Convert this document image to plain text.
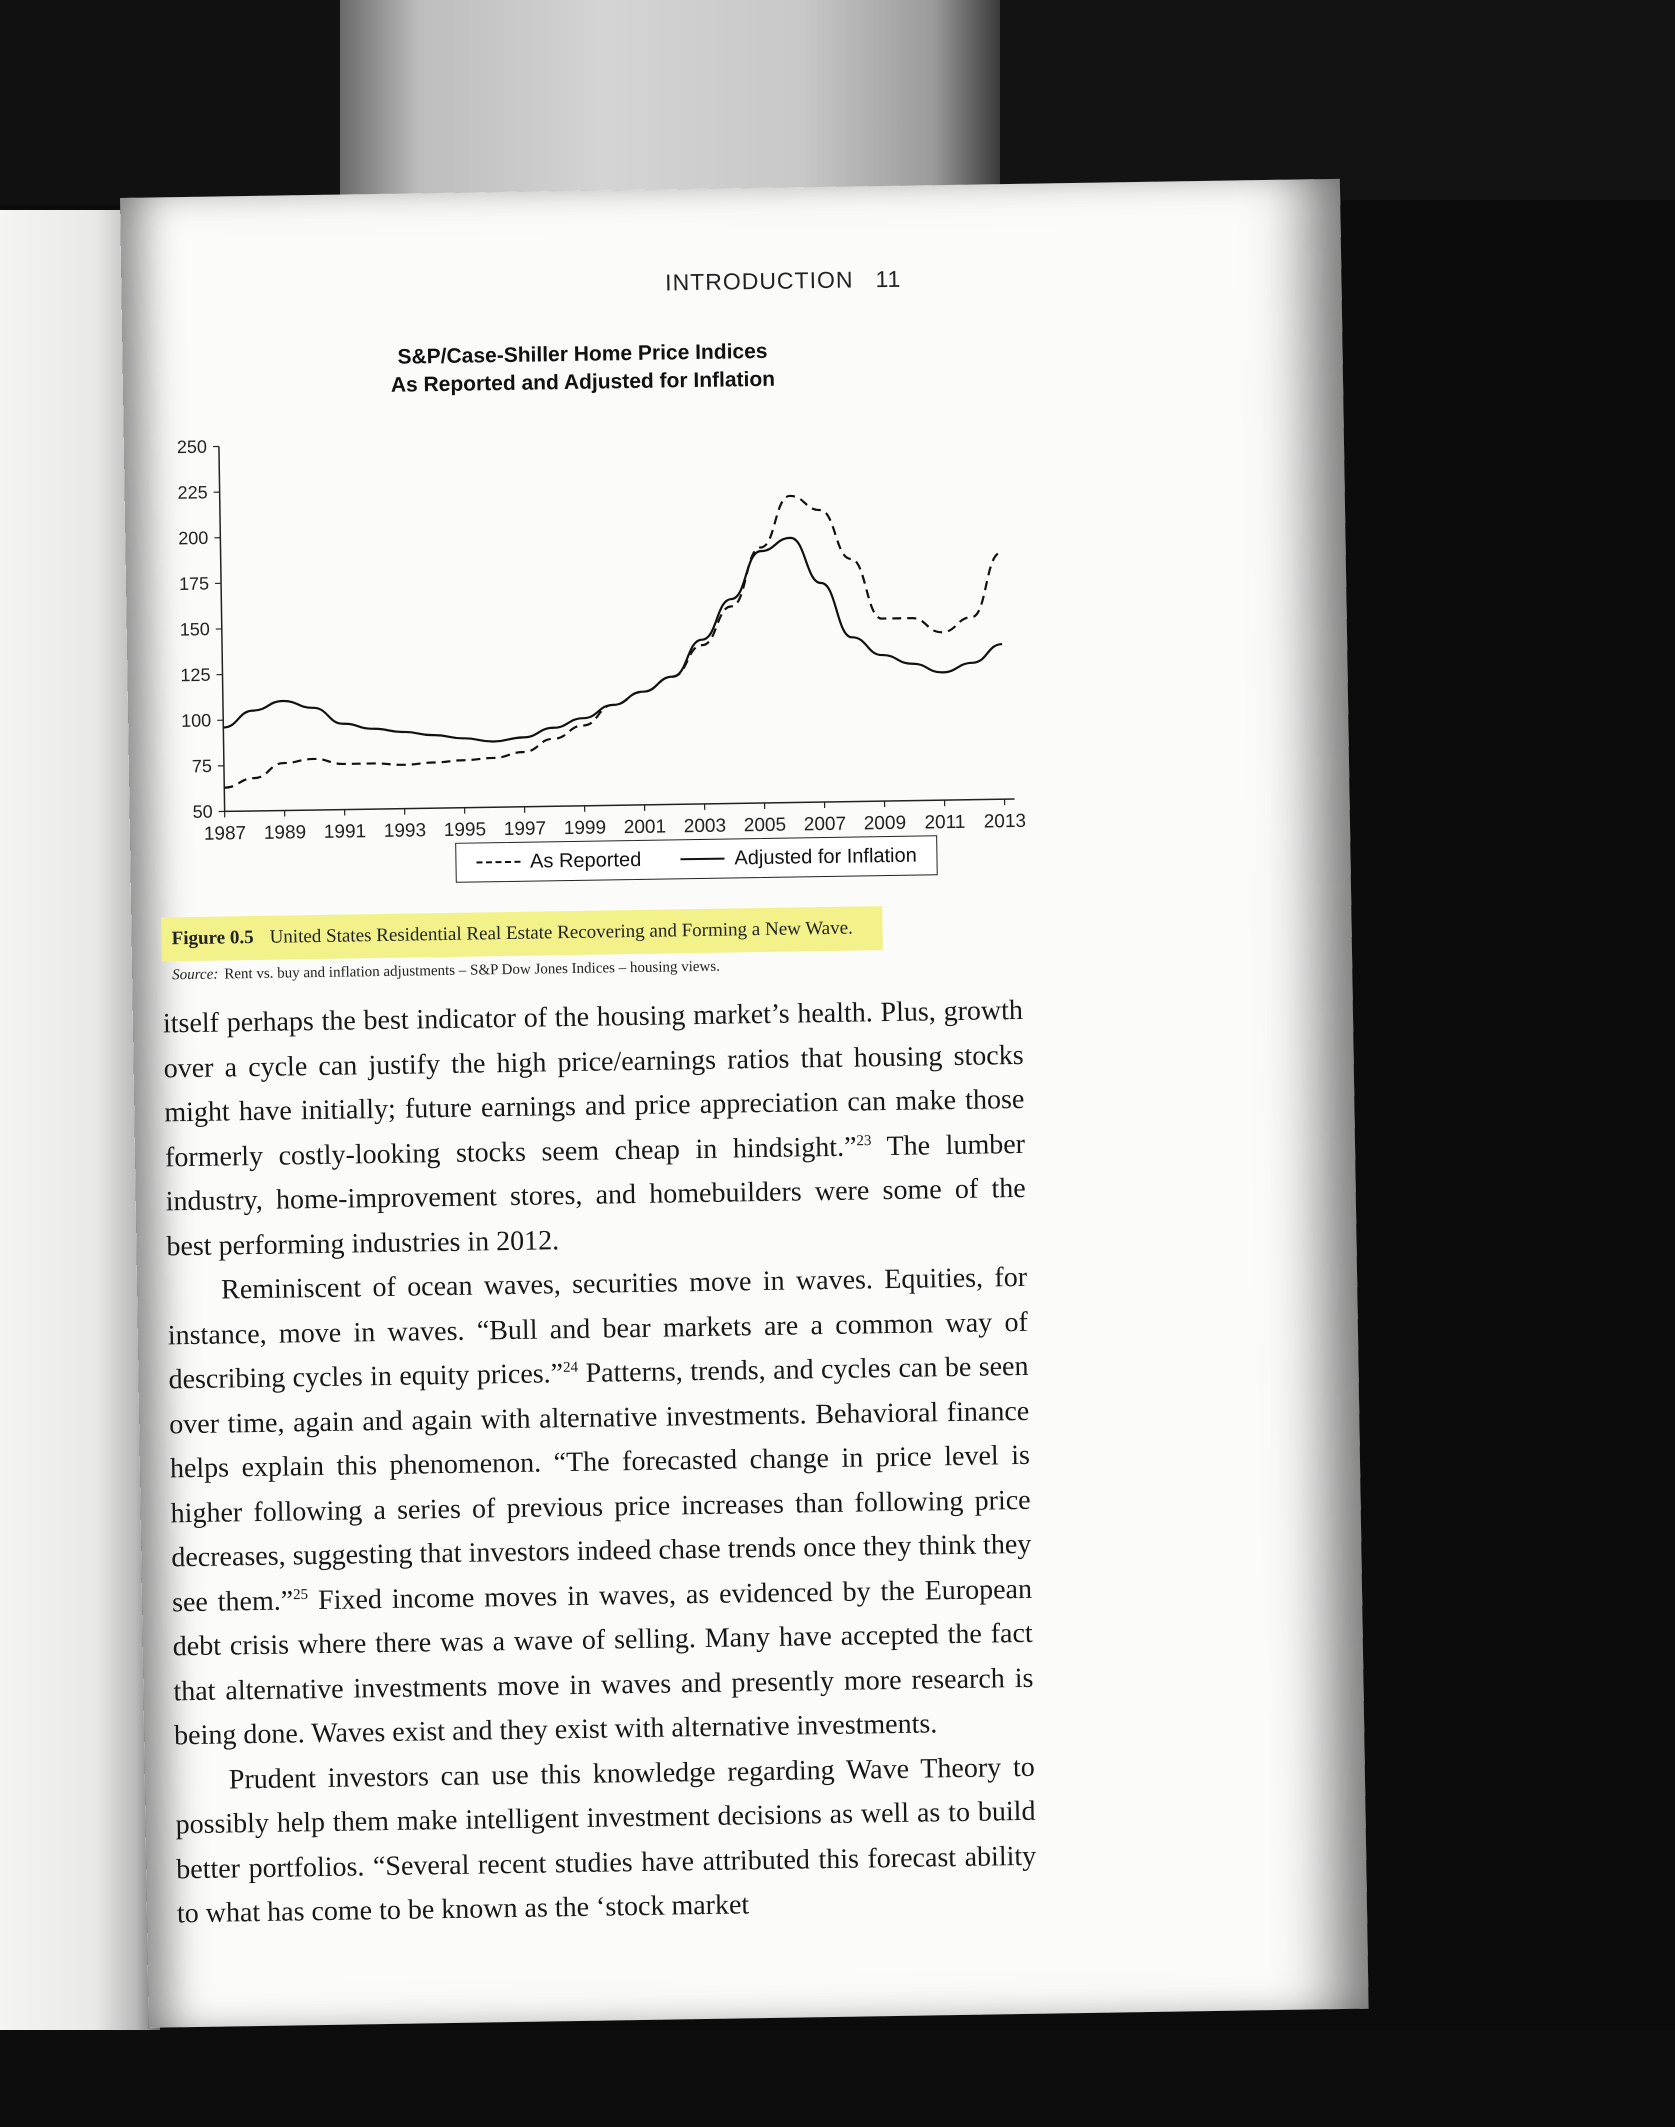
INTRODUCTION 11
250
225
200
175
150
125
100
75
50
1987 1989 1991 1993 1995 1997 1999 2001 2003 2005 2007 2009 2011 2013
S&P/Case-Shiller Home Price Indices
As Reported and Adjusted for Inflation
As Reported	Adjusted for Inflation
Figure 0.5 United States Residential Real Estate Recovering and Forming a New Wave.
Source: Rent vs. buy and inflation adjustments – S&P Dow Jones Indices – housing views.

itself perhaps the best indicator of the housing market’s health. Plus, growth over a cycle can justify the high price/earnings ratios that housing stocks might have initially; future earnings and price appreciation can make those formerly costly-looking stocks seem cheap in hindsight.”$^{23}$ The lumber industry, home-improvement stores, and homebuilders were some of the best performing industries in 2012.

Reminiscent of ocean waves, securities move in waves. Equities, for instance, move in waves. “Bull and bear markets are a common way of describing cycles in equity prices.”$^{24}$ Patterns, trends, and cycles can be seen over time, again and again with alternative investments. Behavioral finance helps explain this phenomenon. “The forecasted change in price level is higher following a series of previous price increases than following price decreases, suggesting that investors indeed chase trends once they think they see them.”$^{25}$ Fixed income moves in waves, as evidenced by the European debt crisis where there was a wave of selling. Many have accepted the fact that alternative investments move in waves and presently more research is being done. Waves exist and they exist with alternative investments.

Prudent investors can use this knowledge regarding Wave Theory to possibly help them make intelligent investment decisions as well as to build better portfolios. “Several recent studies have attributed this forecast ability to what has come to be known as the ‘stock market
